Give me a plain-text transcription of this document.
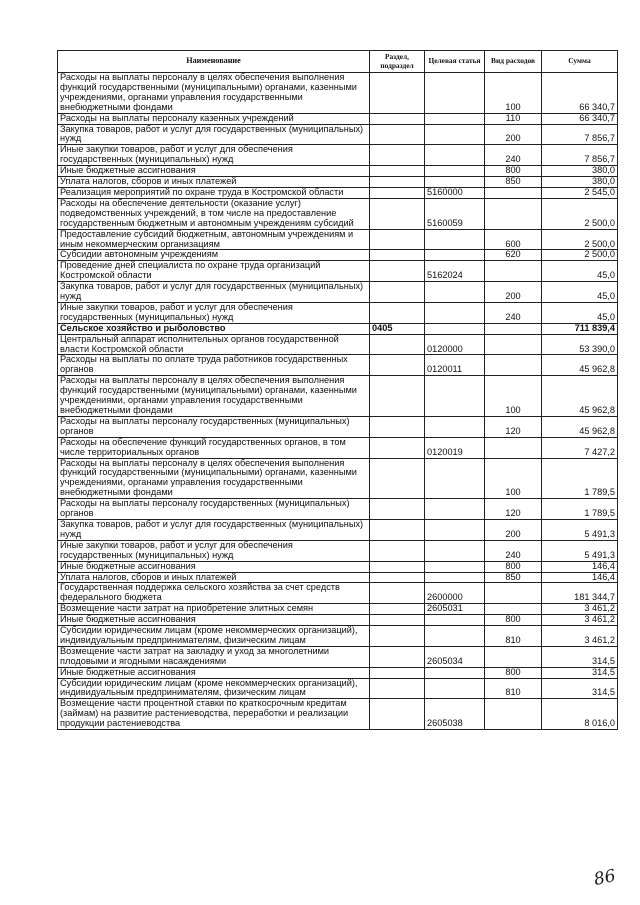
Наименование	Раздел, подраздел	Целевая статья	Вид расходов	Сумма
Расходы на выплаты персоналу в целях обеспечения выполнения функций государственными (муниципальными) органами, казенными учреждениями, органами управления государственными внебюджетными фондами			100	66 340,7
Расходы на выплаты персоналу казенных учреждений			110	66 340,7
Закупка товаров, работ и услуг для государственных (муниципальных) нужд			200	7 856,7
Иные закупки товаров, работ и услуг для обеспечения государственных (муниципальных) нужд			240	7 856,7
Иные бюджетные ассигнования			800	380,0
Уплата налогов, сборов и иных платежей			850	380,0
Реализация мероприятий по охране труда в Костромской области		5160000		2 545,0
Расходы на обеспечение деятельности (оказание услуг) подведомственных учреждений, в том числе на предоставление государственным бюджетным и автономным учреждениям субсидий		5160059		2 500,0
Предоставление субсидий бюджетным, автономным учреждениям и иным некоммерческим организациям			600	2 500,0
Субсидии автономным учреждениям			620	2 500,0
Проведение дней специалиста по охране труда организаций Костромской области		5162024		45,0
Закупка товаров, работ и услуг для государственных (муниципальных) нужд			200	45,0
Иные закупки товаров, работ и услуг для обеспечения государственных (муниципальных) нужд			240	45,0
Сельское хозяйство и рыболовство	0405			711 839,4
Центральный аппарат исполнительных органов государственной власти Костромской области		0120000		53 390,0
Расходы на выплаты по оплате труда работников государственных органов		0120011		45 962,8
Расходы на выплаты персоналу в целях обеспечения выполнения функций государственными (муниципальными) органами, казенными учреждениями, органами управления государственными внебюджетными фондами			100	45 962,8
Расходы на выплаты персоналу государственных (муниципальных) органов			120	45 962,8
Расходы на обеспечение функций государственных органов, в том числе территориальных органов		0120019		7 427,2
Расходы на выплаты персоналу в целях обеспечения выполнения функций государственными (муниципальными) органами, казенными учреждениями, органами управления государственными внебюджетными фондами			100	1 789,5
Расходы на выплаты персоналу государственных (муниципальных) органов			120	1 789,5
Закупка товаров, работ и услуг для государственных (муниципальных) нужд			200	5 491,3
Иные закупки товаров, работ и услуг для обеспечения государственных (муниципальных) нужд			240	5 491,3
Иные бюджетные ассигнования			800	146,4
Уплата налогов, сборов и иных платежей			850	146,4
Государственная поддержка сельского хозяйства за счет средств федерального бюджета		2600000		181 344,7
Возмещение части затрат на приобретение элитных семян		2605031		3 461,2
Иные бюджетные ассигнования			800	3 461,2
Субсидии юридическим лицам (кроме некоммерческих организаций), индивидуальным предпринимателям, физическим лицам			810	3 461,2
Возмещение части затрат на закладку и уход за многолетними плодовыми и ягодными насаждениями		2605034		314,5
Иные бюджетные ассигнования			800	314,5
Субсидии юридическим лицам (кроме некоммерческих организаций), индивидуальным предпринимателям, физическим лицам			810	314,5
Возмещение части процентной ставки по краткосрочным кредитам (займам) на развитие растениеводства, переработки и реализации продукции растениеводства		2605038		8 016,0
86
